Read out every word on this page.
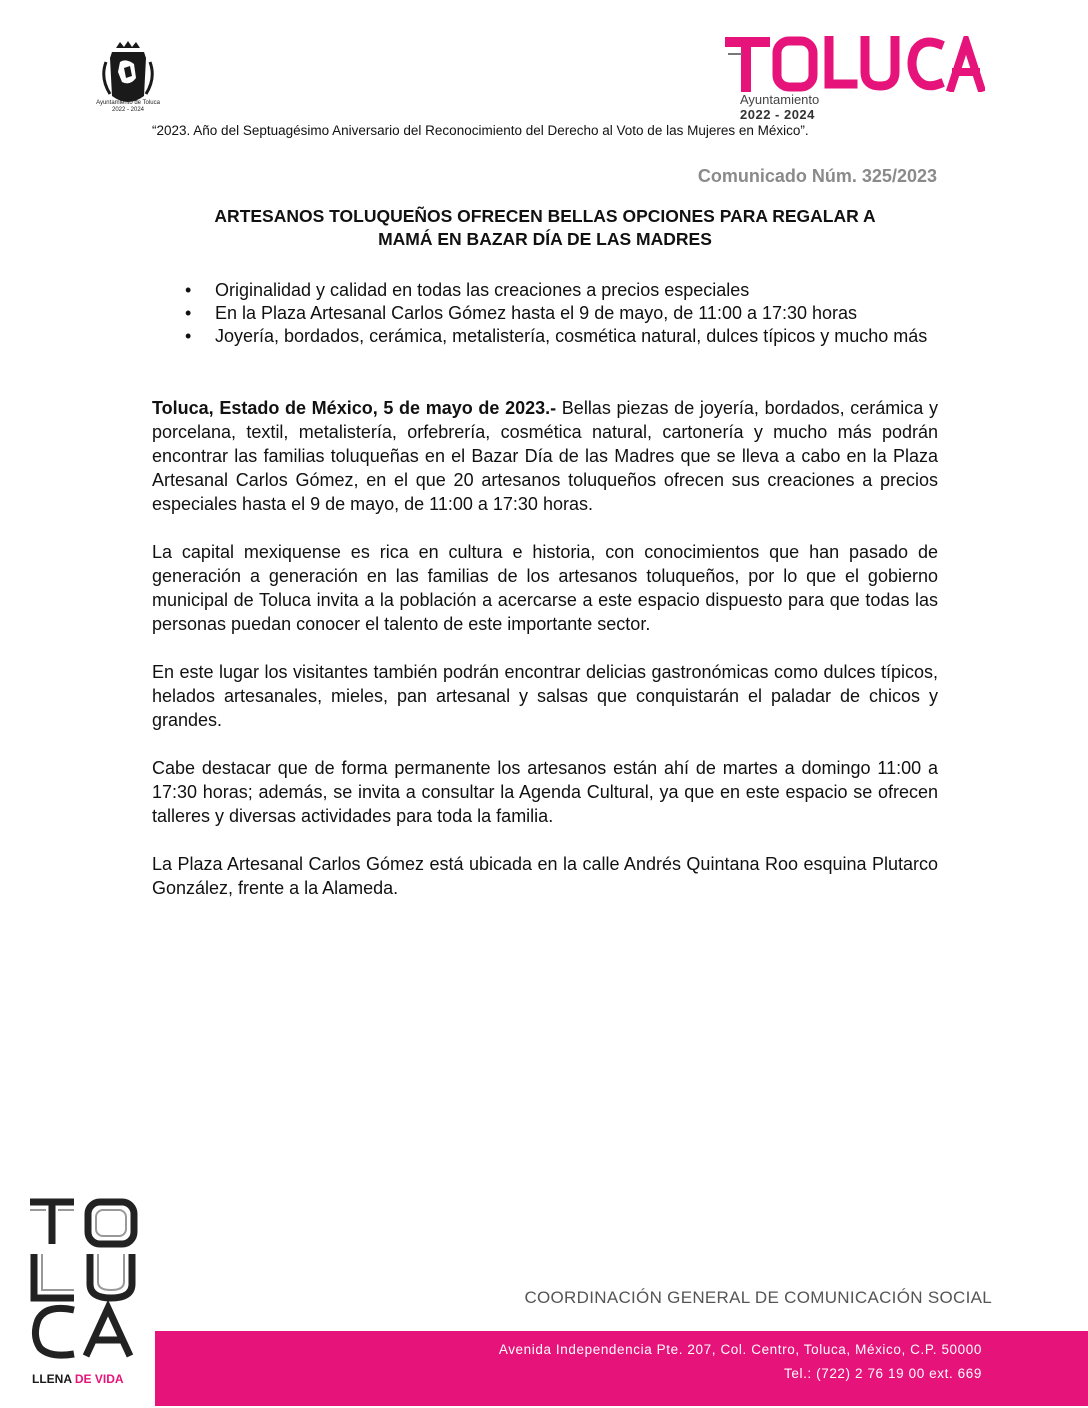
Ayuntamiento de Toluca
2022 - 2024
Ayuntamiento
2022 - 2024
“2023. Año del Septuagésimo Aniversario del Reconocimiento del Derecho al Voto de las Mujeres en México”.
Comunicado Núm. 325/2023
ARTESANOS TOLUQUEÑOS OFRECEN BELLAS OPCIONES PARA REGALAR A
MAMÁ EN BAZAR DÍA DE LAS MADRES
• Originalidad y calidad en todas las creaciones a precios especiales
• En la Plaza Artesanal Carlos Gómez hasta el 9 de mayo, de 11:00 a 17:30 horas
• Joyería, bordados, cerámica, metalistería, cosmética natural, dulces típicos y mucho más

Toluca, Estado de México, 5 de mayo de 2023.- Bellas piezas de joyería, bordados, cerámica y porcelana, textil, metalistería, orfebrería, cosmética natural, cartonería y mucho más podrán encontrar las familias toluqueñas en el Bazar Día de las Madres que se lleva a cabo en la Plaza Artesanal Carlos Gómez, en el que 20 artesanos toluqueños ofrecen sus creaciones a precios especiales hasta el 9 de mayo, de 11:00 a 17:30 horas.

La capital mexiquense es rica en cultura e historia, con conocimientos que han pasado de generación a generación en las familias de los artesanos toluqueños, por lo que el gobierno municipal de Toluca invita a la población a acercarse a este espacio dispuesto para que todas las personas puedan conocer el talento de este importante sector.

En este lugar los visitantes también podrán encontrar delicias gastronómicas como dulces típicos, helados artesanales, mieles, pan artesanal y salsas que conquistarán el paladar de chicos y grandes.

Cabe destacar que de forma permanente los artesanos están ahí de martes a domingo 11:00 a 17:30 horas; además, se invita a consultar la Agenda Cultural, ya que en este espacio se ofrecen talleres y diversas actividades para toda la familia.

La Plaza Artesanal Carlos Gómez está ubicada en la calle Andrés Quintana Roo esquina Plutarco González, frente a la Alameda.

LLENA DE VIDA
COORDINACIÓN GENERAL DE COMUNICACIÓN SOCIAL
Avenida Independencia Pte. 207, Col. Centro, Toluca, México, C.P. 50000
Tel.: (722) 2 76 19 00 ext. 669
